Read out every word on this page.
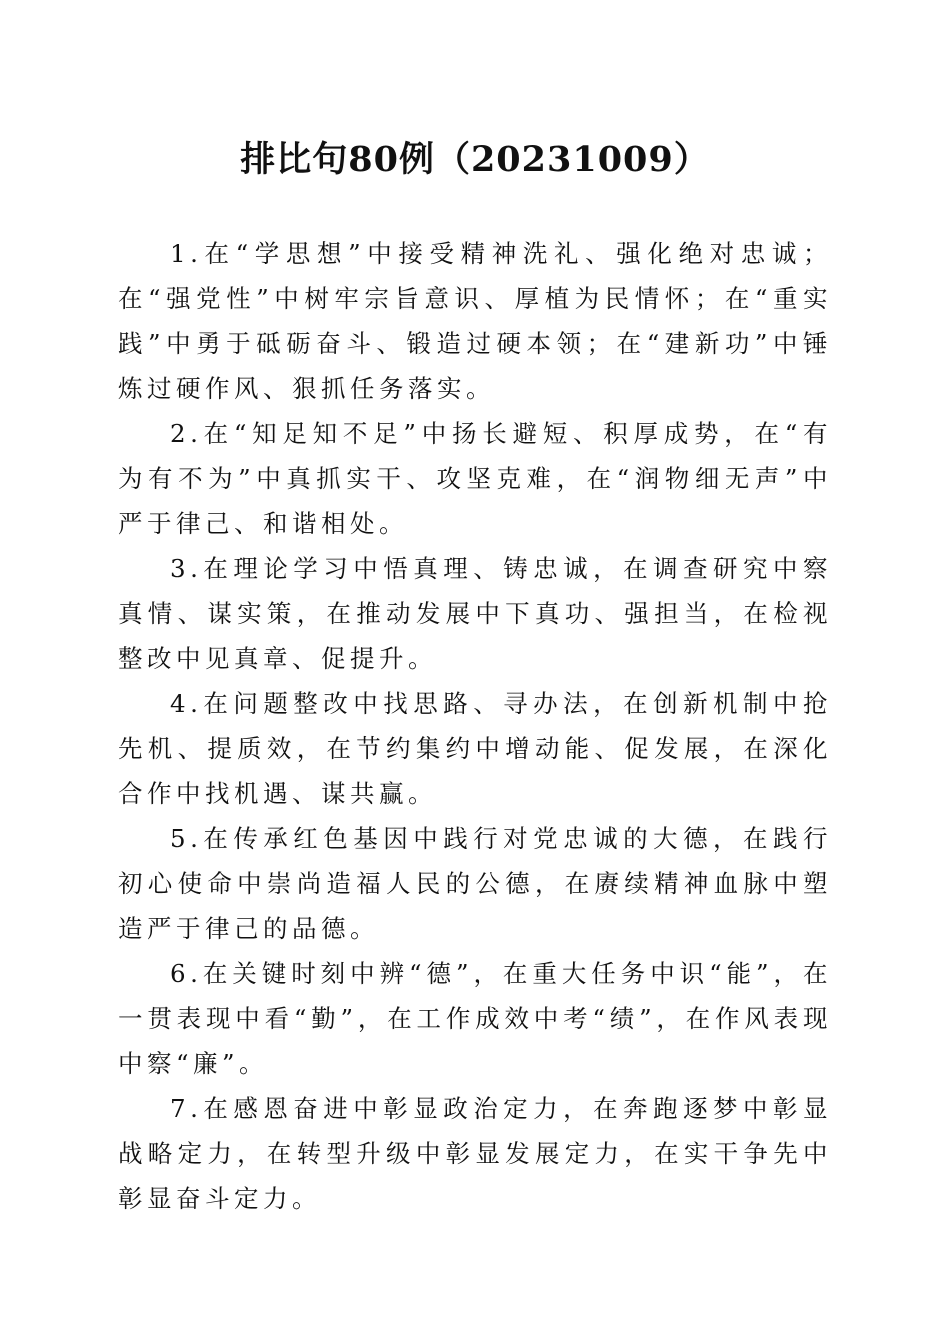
排比句80例（20231009）

1.在“学思想”中接受精神洗礼、强化绝对忠诚；在“强党性”中树牢宗旨意识、厚植为民情怀；在“重实践”中勇于砥砺奋斗、锻造过硬本领；在“建新功”中锤炼过硬作风、狠抓任务落实。

2.在“知足知不足”中扬长避短、积厚成势，在“有为有不为”中真抓实干、攻坚克难，在“润物细无声”中严于律己、和谐相处。

3.在理论学习中悟真理、铸忠诚，在调查研究中察真情、谋实策，在推动发展中下真功、强担当，在检视整改中见真章、促提升。

4.在问题整改中找思路、寻办法，在创新机制中抢先机、提质效，在节约集约中增动能、促发展，在深化合作中找机遇、谋共赢。

5.在传承红色基因中践行对党忠诚的大德，在践行初心使命中崇尚造福人民的公德，在赓续精神血脉中塑造严于律己的品德。

6.在关键时刻中辨“德”，在重大任务中识“能”，在一贯表现中看“勤”，在工作成效中考“绩”，在作风表现中察“廉”。

7.在感恩奋进中彰显政治定力，在奔跑逐梦中彰显战略定力，在转型升级中彰显发展定力，在实干争先中彰显奋斗定力。
